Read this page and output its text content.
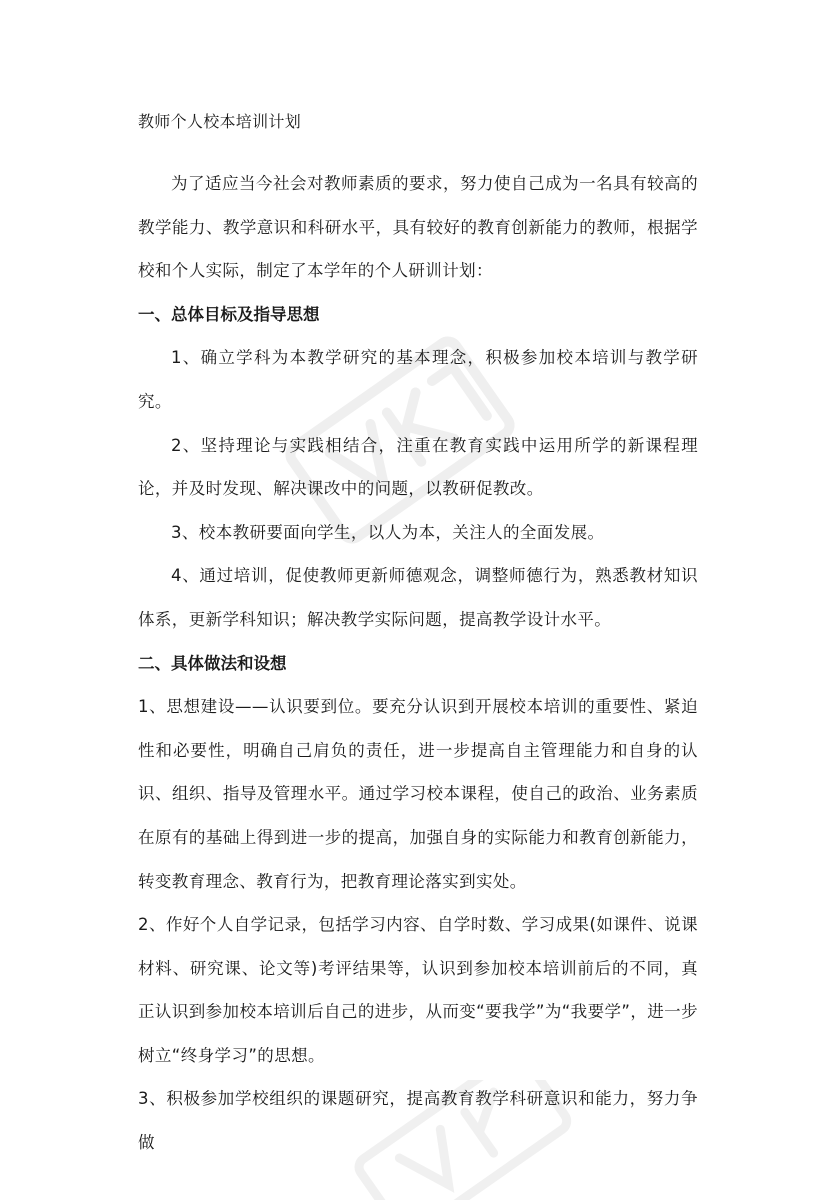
教师个人校本培训计划

为了适应当今社会对教师素质的要求，努力使自己成为一名具有较高的教学能力、教学意识和科研水平，具有较好的教育创新能力的教师，根据学校和个人实际，制定了本学年的个人研训计划：

一、总体目标及指导思想

1、确立学科为本教学研究的基本理念，积极参加校本培训与教学研究。

2、坚持理论与实践相结合，注重在教育实践中运用所学的新课程理论，并及时发现、解决课改中的问题，以教研促教改。

3、校本教研要面向学生，以人为本，关注人的全面发展。

4、通过培训，促使教师更新师德观念，调整师德行为，熟悉教材知识体系，更新学科知识；解决教学实际问题，提高教学设计水平。

二、具体做法和设想

1、思想建设——认识要到位。要充分认识到开展校本培训的重要性、紧迫性和必要性，明确自己肩负的责任，进一步提高自主管理能力和自身的认识、组织、指导及管理水平。通过学习校本课程，使自己的政治、业务素质在原有的基础上得到进一步的提高，加强自身的实际能力和教育创新能力，转变教育理念、教育行为，把教育理论落实到实处。

2、作好个人自学记录，包括学习内容、自学时数、学习成果(如课件、说课材料、研究课、论文等)考评结果等，认识到参加校本培训前后的不同，真正认识到参加校本培训后自己的进步，从而变“要我学”为“我要学”，进一步树立“终身学习”的思想。

3、积极参加学校组织的课题研究，提高教育教学科研意识和能力，努力争做
